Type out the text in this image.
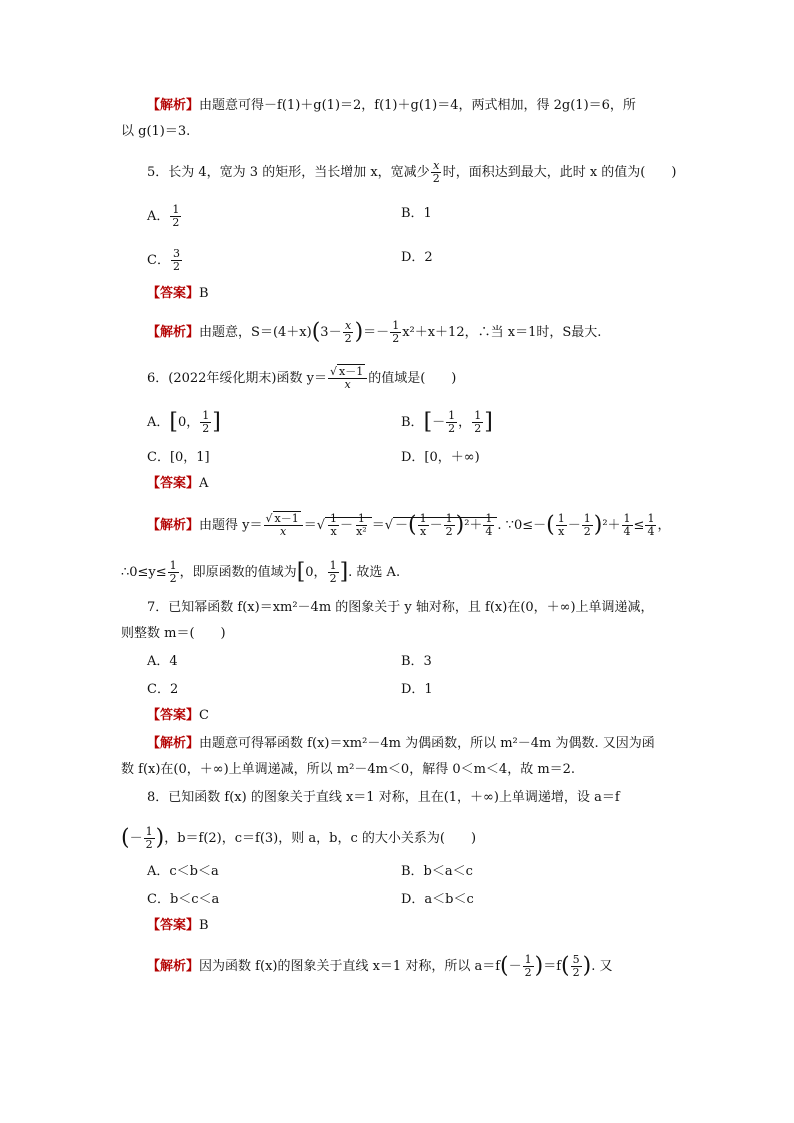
【解析】由题意可得－f(1)＋g(1)＝2，f(1)＋g(1)＝4，两式相加，得 2g(1)＝6，所
以 g(1)＝3.
5．长为 4，宽为 3 的矩形，当长增加 x，宽减少 $\frac{x}{2}$ 时，面积达到最大，此时 x 的值为(　　)
A． $\frac{1}{2}$	B．1
C． $\frac{3}{2}$	D．2
【答案】B
【解析】由题意，$S=(4+x)(3- \frac{x}{2}$ )＝－ $\frac{1}{2} x^2+x+12$，∴当 x＝1时，S最大.
6．(2022年绥化期末)函数 $y= \frac{√ x-1}{x}$ 的值域是(　　)
A．[0， $\frac{1}{2}$ ]	B．[－ $\frac{1}{2}$ ， $\frac{1}{2}$ ]
C．[0，1]	D．[0，＋∞)
【答案】A
【解析】由题得 $y= \frac{√ x-1}{x}$ ＝√ $\frac{1}{x} - \frac{1}{\text{x²}}$ ＝√ －( $\frac{1}{x} - \frac{1}{2} )^2+ \frac{1}{4}$ . ∵0≤－( $\frac{1}{x} - \frac{1}{2} )^2+ \frac{1}{4} \le \frac{1}{4}$ ，
∴0≤y≤ $\frac{1}{2}$ ，即原函数的值域为[0， $\frac{1}{2}$ ]. 故选 A.
7．已知幂函数 f(x)＝xm²－4m 的图象关于 y 轴对称，且 f(x)在(0，＋∞)上单调递减，
则整数 m＝(　　)
A．4	B．3
C．2	D．1
【答案】C
【解析】由题意可得幂函数 f(x)＝xm²－4m 为偶函数，所以 m²－4m 为偶数. 又因为函
数 f(x)在(0，＋∞)上单调递减，所以 m²－4m＜0，解得 0＜m＜4，故 m＝2.
8．已知函数 f(x) 的图象关于直线 x＝1 对称，且在(1，＋∞)上单调递增，设 a＝f
(－ $\frac{1}{2}$ )，b＝f(2)，c＝f(3)，则 a，b，c 的大小关系为(　　)
A．c＜b＜a	B．b＜a＜c
C．b＜c＜a	D．a＜b＜c
【答案】B
【解析】因为函数 f(x)的图象关于直线 x＝1 对称，所以 $a=f(- \frac{1}{2} )=f( \frac{5}{2}$ ). 又
